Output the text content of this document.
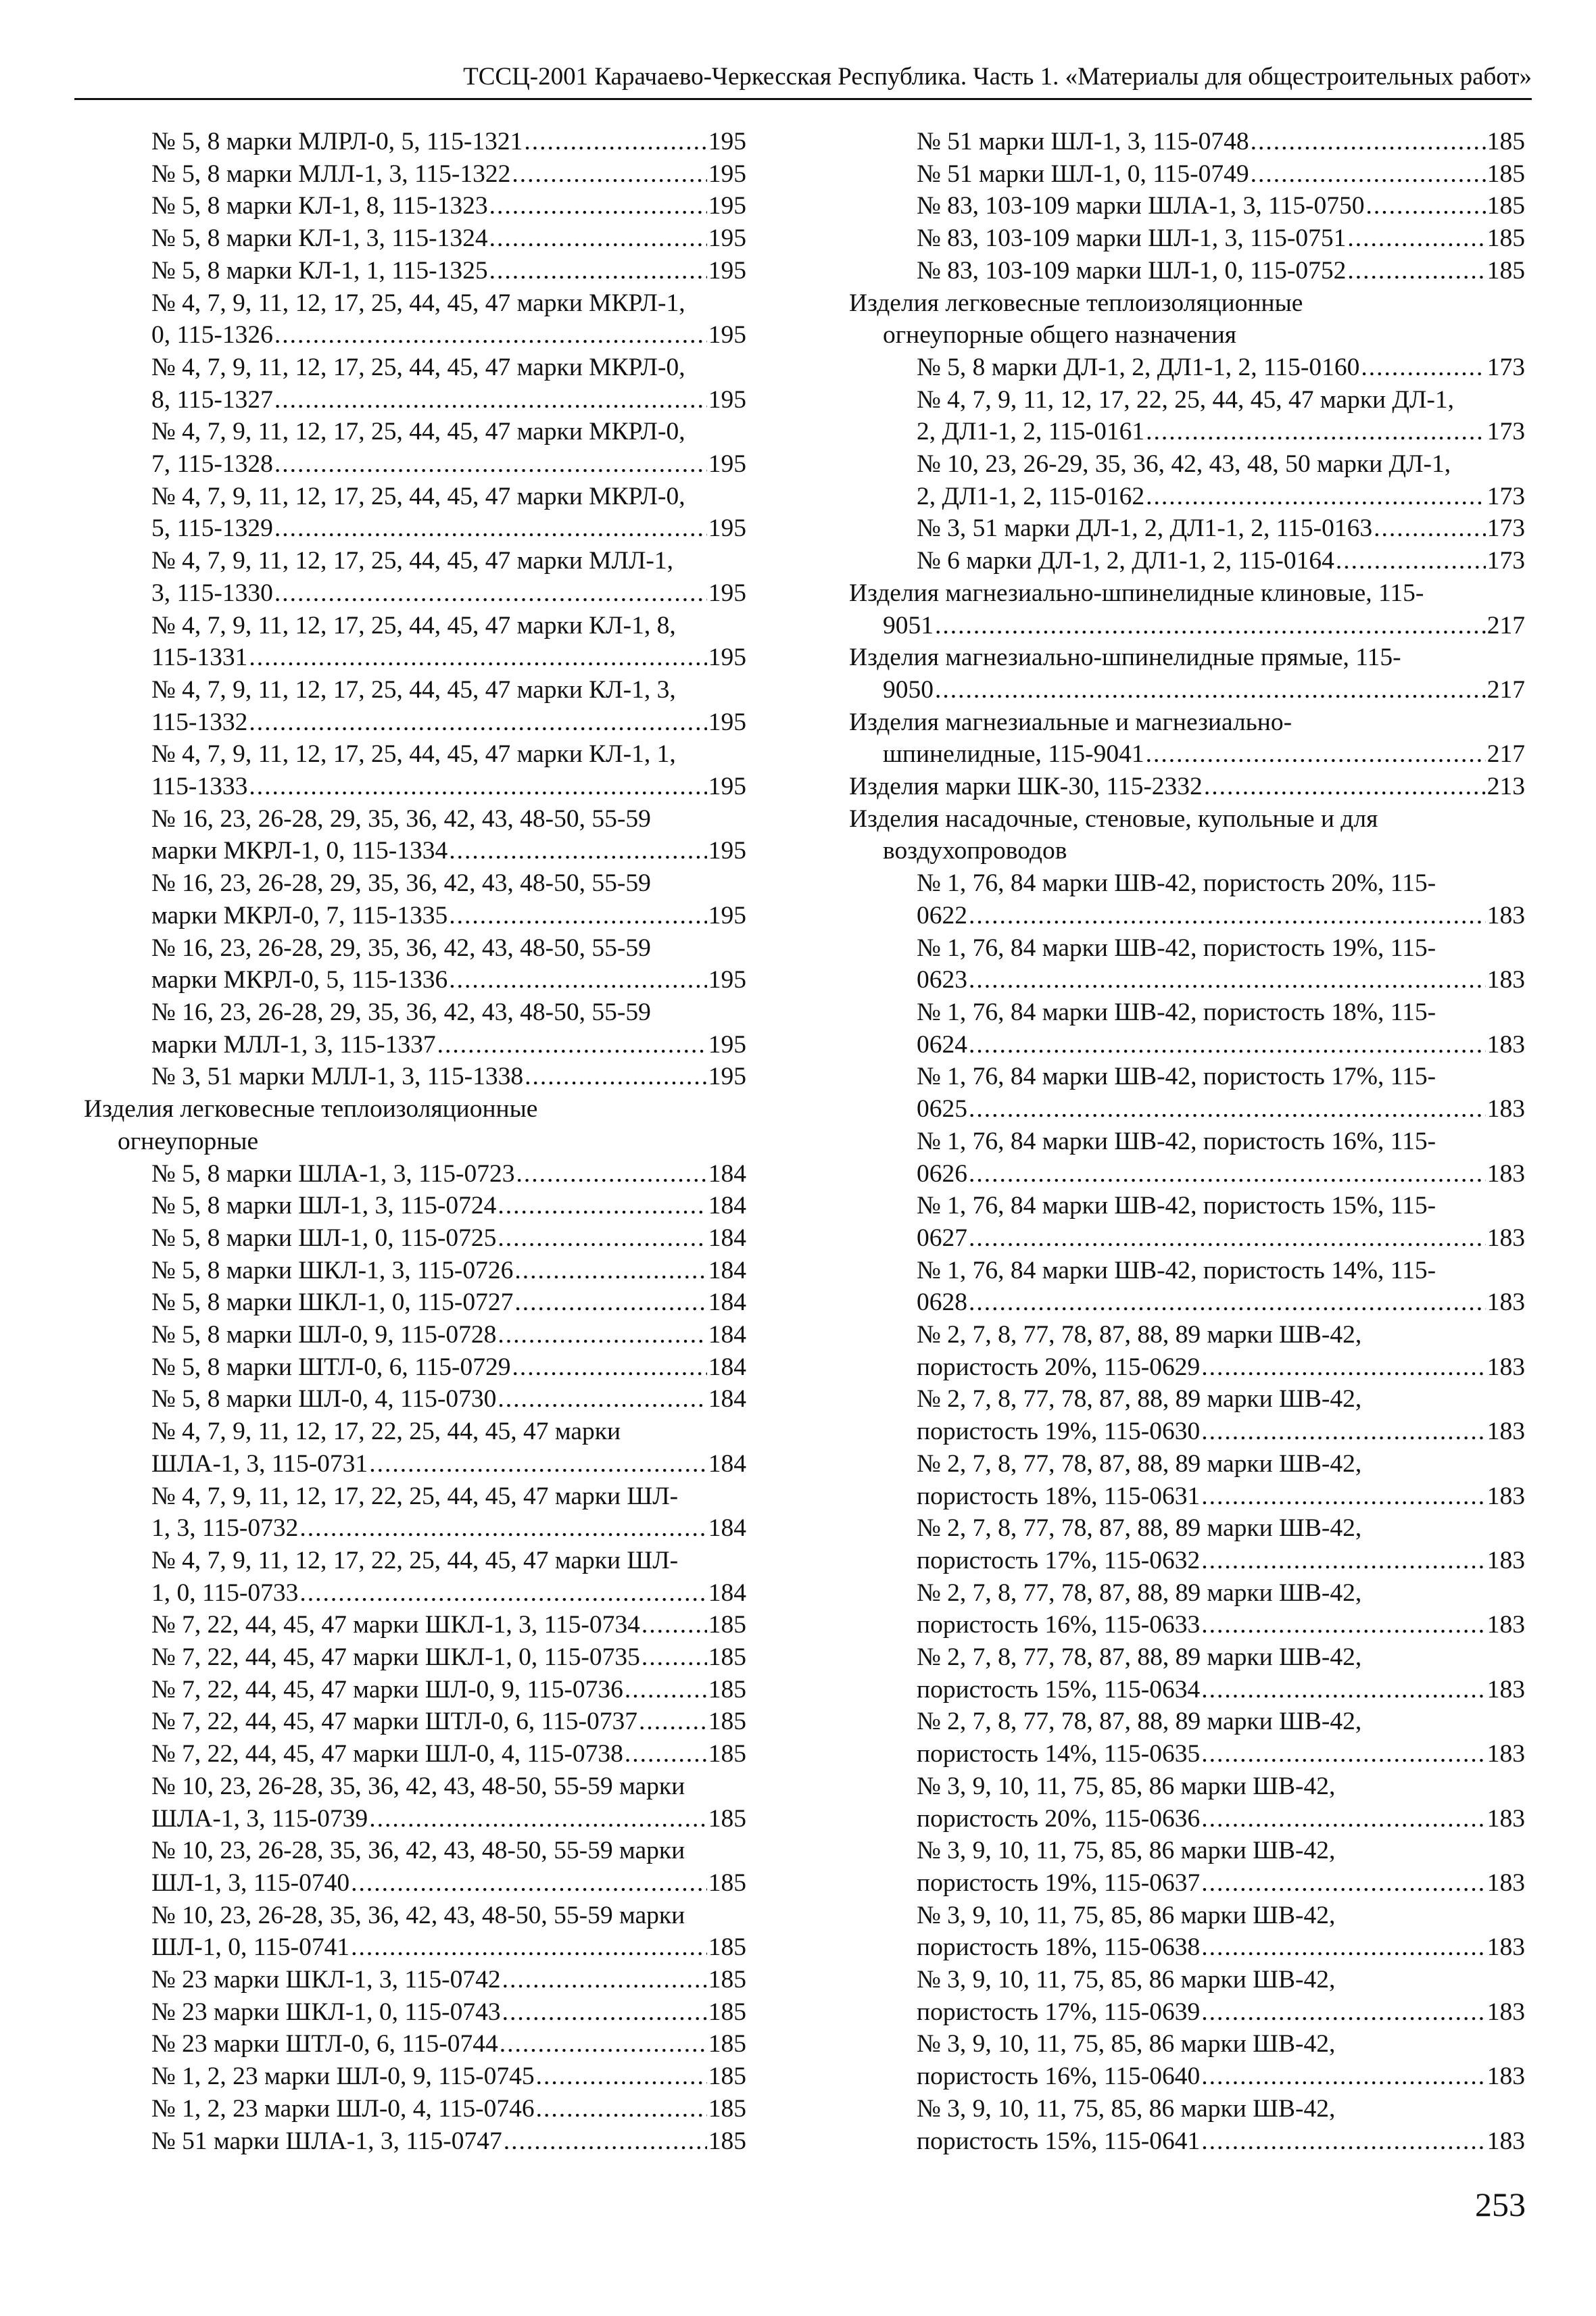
ТССЦ-2001 Карачаево-Черкесская Республика. Часть 1. «Материалы для общестроительных работ»
№ 5, 8 марки МЛРЛ-0, 5, 115-1321 .....	195
№ 5, 8 марки МЛЛ-1, 3, 115-1322 .....	195
№ 5, 8 марки КЛ-1, 8, 115-1323 .....	195
№ 5, 8 марки КЛ-1, 3, 115-1324 .....	195
№ 5, 8 марки КЛ-1, 1, 115-1325 .....	195
№ 4, 7, 9, 11, 12, 17, 25, 44, 45, 47 марки МКРЛ-1,
0, 115-1326 .....	195
№ 4, 7, 9, 11, 12, 17, 25, 44, 45, 47 марки МКРЛ-0,
8, 115-1327 .....	195
№ 4, 7, 9, 11, 12, 17, 25, 44, 45, 47 марки МКРЛ-0,
7, 115-1328 .....	195
№ 4, 7, 9, 11, 12, 17, 25, 44, 45, 47 марки МКРЛ-0,
5, 115-1329 .....	195
№ 4, 7, 9, 11, 12, 17, 25, 44, 45, 47 марки МЛЛ-1,
3, 115-1330 .....	195
№ 4, 7, 9, 11, 12, 17, 25, 44, 45, 47 марки КЛ-1, 8,
115-1331 .....	195
№ 4, 7, 9, 11, 12, 17, 25, 44, 45, 47 марки КЛ-1, 3,
115-1332 .....	195
№ 4, 7, 9, 11, 12, 17, 25, 44, 45, 47 марки КЛ-1, 1,
115-1333 .....	195
№ 16, 23, 26-28, 29, 35, 36, 42, 43, 48-50, 55-59
марки МКРЛ-1, 0, 115-1334 .....	195
№ 16, 23, 26-28, 29, 35, 36, 42, 43, 48-50, 55-59
марки МКРЛ-0, 7, 115-1335 .....	195
№ 16, 23, 26-28, 29, 35, 36, 42, 43, 48-50, 55-59
марки МКРЛ-0, 5, 115-1336 .....	195
№ 16, 23, 26-28, 29, 35, 36, 42, 43, 48-50, 55-59
марки МЛЛ-1, 3, 115-1337 .....	195
№ 3, 51 марки МЛЛ-1, 3, 115-1338 .....	195
Изделия легковесные теплоизоляционные
огнеупорные
№ 5, 8 марки ШЛА-1, 3, 115-0723 .....	184
№ 5, 8 марки ШЛ-1, 3, 115-0724 .....	184
№ 5, 8 марки ШЛ-1, 0, 115-0725 .....	184
№ 5, 8 марки ШКЛ-1, 3, 115-0726 .....	184
№ 5, 8 марки ШКЛ-1, 0, 115-0727 .....	184
№ 5, 8 марки ШЛ-0, 9, 115-0728 .....	184
№ 5, 8 марки ШТЛ-0, 6, 115-0729 .....	184
№ 5, 8 марки ШЛ-0, 4, 115-0730 .....	184
№ 4, 7, 9, 11, 12, 17, 22, 25, 44, 45, 47 марки
ШЛА-1, 3, 115-0731 .....	184
№ 4, 7, 9, 11, 12, 17, 22, 25, 44, 45, 47 марки ШЛ-
1, 3, 115-0732 .....	184
№ 4, 7, 9, 11, 12, 17, 22, 25, 44, 45, 47 марки ШЛ-
1, 0, 115-0733 .....	184
№ 7, 22, 44, 45, 47 марки ШКЛ-1, 3, 115-0734 .....	185
№ 7, 22, 44, 45, 47 марки ШКЛ-1, 0, 115-0735 .....	185
№ 7, 22, 44, 45, 47 марки ШЛ-0, 9, 115-0736 .....	185
№ 7, 22, 44, 45, 47 марки ШТЛ-0, 6, 115-0737 .....	185
№ 7, 22, 44, 45, 47 марки ШЛ-0, 4, 115-0738 .....	185
№ 10, 23, 26-28, 35, 36, 42, 43, 48-50, 55-59 марки
ШЛА-1, 3, 115-0739 .....	185
№ 10, 23, 26-28, 35, 36, 42, 43, 48-50, 55-59 марки
ШЛ-1, 3, 115-0740 .....	185
№ 10, 23, 26-28, 35, 36, 42, 43, 48-50, 55-59 марки
ШЛ-1, 0, 115-0741 .....	185
№ 23 марки ШКЛ-1, 3, 115-0742 .....	185
№ 23 марки ШКЛ-1, 0, 115-0743 .....	185
№ 23 марки ШТЛ-0, 6, 115-0744 .....	185
№ 1, 2, 23 марки ШЛ-0, 9, 115-0745 .....	185
№ 1, 2, 23 марки ШЛ-0, 4, 115-0746 .....	185
№ 51 марки ШЛА-1, 3, 115-0747 .....	185
№ 51 марки ШЛ-1, 3, 115-0748 .....	185
№ 51 марки ШЛ-1, 0, 115-0749 .....	185
№ 83, 103-109 марки ШЛА-1, 3, 115-0750 .....	185
№ 83, 103-109 марки ШЛ-1, 3, 115-0751 .....	185
№ 83, 103-109 марки ШЛ-1, 0, 115-0752 .....	185
Изделия легковесные теплоизоляционные
огнеупорные общего назначения
№ 5, 8 марки ДЛ-1, 2, ДЛ1-1, 2, 115-0160 .....	173
№ 4, 7, 9, 11, 12, 17, 22, 25, 44, 45, 47 марки ДЛ-1,
2, ДЛ1-1, 2, 115-0161 .....	173
№ 10, 23, 26-29, 35, 36, 42, 43, 48, 50 марки ДЛ-1,
2, ДЛ1-1, 2, 115-0162 .....	173
№ 3, 51 марки ДЛ-1, 2, ДЛ1-1, 2, 115-0163 .....	173
№ 6 марки ДЛ-1, 2, ДЛ1-1, 2, 115-0164 .....	173
Изделия магнезиально-шпинелидные клиновые, 115-
9051 .....	217
Изделия магнезиально-шпинелидные прямые, 115-
9050 .....	217
Изделия магнезиальные и магнезиально-
шпинелидные, 115-9041 .....	217
Изделия марки ШК-30, 115-2332 .....	213
Изделия насадочные, стеновые, купольные и для
воздухопроводов
№ 1, 76, 84 марки ШВ-42, пористость 20%, 115-
0622 .....	183
№ 1, 76, 84 марки ШВ-42, пористость 19%, 115-
0623 .....	183
№ 1, 76, 84 марки ШВ-42, пористость 18%, 115-
0624 .....	183
№ 1, 76, 84 марки ШВ-42, пористость 17%, 115-
0625 .....	183
№ 1, 76, 84 марки ШВ-42, пористость 16%, 115-
0626 .....	183
№ 1, 76, 84 марки ШВ-42, пористость 15%, 115-
0627 .....	183
№ 1, 76, 84 марки ШВ-42, пористость 14%, 115-
0628 .....	183
№ 2, 7, 8, 77, 78, 87, 88, 89 марки ШВ-42,
пористость 20%, 115-0629 .....	183
№ 2, 7, 8, 77, 78, 87, 88, 89 марки ШВ-42,
пористость 19%, 115-0630 .....	183
№ 2, 7, 8, 77, 78, 87, 88, 89 марки ШВ-42,
пористость 18%, 115-0631 .....	183
№ 2, 7, 8, 77, 78, 87, 88, 89 марки ШВ-42,
пористость 17%, 115-0632 .....	183
№ 2, 7, 8, 77, 78, 87, 88, 89 марки ШВ-42,
пористость 16%, 115-0633 .....	183
№ 2, 7, 8, 77, 78, 87, 88, 89 марки ШВ-42,
пористость 15%, 115-0634 .....	183
№ 2, 7, 8, 77, 78, 87, 88, 89 марки ШВ-42,
пористость 14%, 115-0635 .....	183
№ 3, 9, 10, 11, 75, 85, 86 марки ШВ-42,
пористость 20%, 115-0636 .....	183
№ 3, 9, 10, 11, 75, 85, 86 марки ШВ-42,
пористость 19%, 115-0637 .....	183
№ 3, 9, 10, 11, 75, 85, 86 марки ШВ-42,
пористость 18%, 115-0638 .....	183
№ 3, 9, 10, 11, 75, 85, 86 марки ШВ-42,
пористость 17%, 115-0639 .....	183
№ 3, 9, 10, 11, 75, 85, 86 марки ШВ-42,
пористость 16%, 115-0640 .....	183
№ 3, 9, 10, 11, 75, 85, 86 марки ШВ-42,
пористость 15%, 115-0641 .....	183
253
